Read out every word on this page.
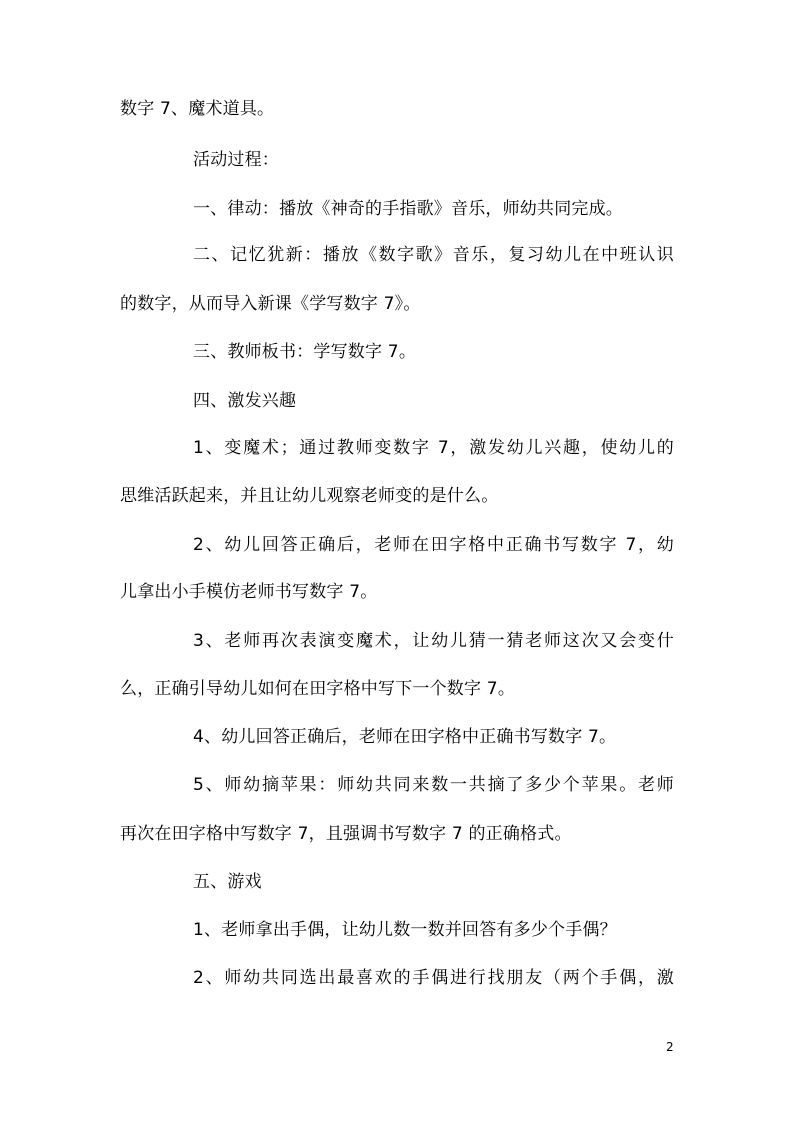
数字 7、魔术道具。
活动过程：
一、律动：播放《神奇的手指歌》音乐，师幼共同完成。
二、记忆犹新：播放《数字歌》音乐，复习幼儿在中班认识
的数字，从而导入新课《学写数字 7》。
三、教师板书：学写数字 7。
四、激发兴趣
1、变魔术；通过教师变数字 7，激发幼儿兴趣，使幼儿的
思维活跃起来，并且让幼儿观察老师变的是什么。
2、幼儿回答正确后，老师在田字格中正确书写数字 7，幼
儿拿出小手模仿老师书写数字 7。
3、老师再次表演变魔术，让幼儿猜一猜老师这次又会变什
么，正确引导幼儿如何在田字格中写下一个数字 7。
4、幼儿回答正确后，老师在田字格中正确书写数字 7。
5、师幼摘苹果：师幼共同来数一共摘了多少个苹果。老师
再次在田字格中写数字 7，且强调书写数字 7 的正确格式。
五、游戏
1、老师拿出手偶，让幼儿数一数并回答有多少个手偶？
2、师幼共同选出最喜欢的手偶进行找朋友（两个手偶，激
2
